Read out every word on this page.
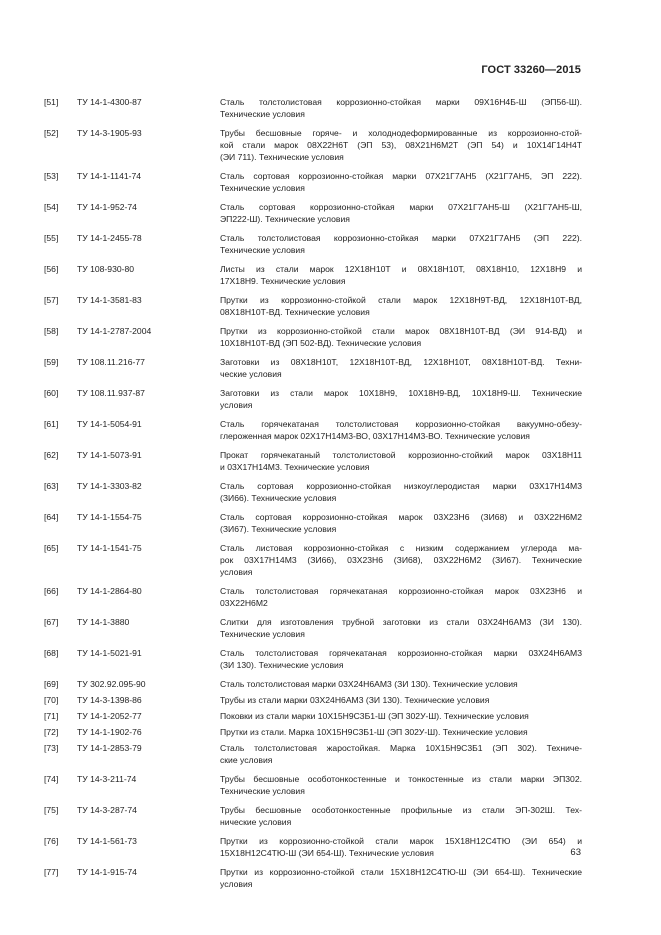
ГОСТ 33260—2015
[51]	ТУ 14-1-4300-87	Сталь толстолистовая коррозионно-стойкая марки 09Х16Н4Б-Ш (ЭП56-Ш).
Технические условия
[52]	ТУ 14-3-1905-93	Трубы бесшовные горяче- и холоднодеформированные из коррозионно-стой-
кой стали марок 08Х22Н6Т (ЭП 53), 08Х21Н6М2Т (ЭП 54) и 10Х14Г14Н4Т
(ЭИ 711). Технические условия
[53]	ТУ 14-1-1141-74	Сталь сортовая коррозионно-стойкая марки 07Х21Г7АН5 (Х21Г7АН5, ЭП 222).
Технические условия
[54]	ТУ 14-1-952-74	Сталь сортовая коррозионно-стойкая марки 07Х21Г7АН5-Ш (Х21Г7АН5-Ш,
ЭП222-Ш). Технические условия
[55]	ТУ 14-1-2455-78	Сталь толстолистовая коррозионно-стойкая марки 07Х21Г7АН5 (ЭП 222).
Технические условия
[56]	ТУ 108-930-80	Листы из стали марок 12Х18Н10Т и 08Х18Н10Т, 08Х18Н10, 12Х18Н9 и
17Х18Н9. Технические условия
[57]	ТУ 14-1-3581-83	Прутки из коррозионно-стойкой стали марок 12Х18Н9Т-ВД, 12Х18Н10Т-ВД,
08Х18Н10Т-ВД. Технические условия
[58]	ТУ 14-1-2787-2004	Прутки из коррозионно-стойкой стали марок 08Х18Н10Т-ВД (ЭИ 914-ВД) и
10Х18Н10Т-ВД (ЭП 502-ВД). Технические условия
[59]	ТУ 108.11.216-77	Заготовки из 08Х18Н10Т, 12Х18Н10Т-ВД, 12Х18Н10Т, 08Х18Н10Т-ВД. Техни-
ческие условия
[60]	ТУ 108.11.937-87	Заготовки из стали марок 10Х18Н9, 10Х18Н9-ВД, 10Х18Н9-Ш. Технические
условия
[61]	ТУ 14-1-5054-91	Сталь горячекатаная толстолистовая коррозионно-стойкая вакуумно-обезу-
глероженная марок 02Х17Н14М3-ВО, 03Х17Н14М3-ВО. Технические условия
[62]	ТУ 14-1-5073-91	Прокат горячекатаный толстолистовой коррозионно-стойкий марок 03Х18Н11
и 03Х17Н14М3. Технические условия
[63]	ТУ 14-1-3303-82	Сталь сортовая коррозионно-стойкая низкоуглеродистая марки 03Х17Н14М3
(ЗИ66). Технические условия
[64]	ТУ 14-1-1554-75	Сталь сортовая коррозионно-стойкая марок 03Х23Н6 (ЗИ68) и 03Х22Н6М2
(ЗИ67). Технические условия
[65]	ТУ 14-1-1541-75	Сталь листовая коррозионно-стойкая с низким содержанием углерода ма-
рок 03Х17Н14М3 (ЗИ66), 03Х23Н6 (ЗИ68), 03Х22Н6М2 (ЗИ67). Технические
условия
[66]	ТУ 14-1-2864-80	Сталь толстолистовая горячекатаная коррозионно-стойкая марок 03Х23Н6 и
03Х22Н6М2
[67]	ТУ 14-1-3880	Слитки для изготовления трубной заготовки из стали 03Х24Н6АМ3 (ЗИ 130).
Технические условия
[68]	ТУ 14-1-5021-91	Сталь толстолистовая горячекатаная коррозионно-стойкая марки 03Х24Н6АМ3
(ЗИ 130). Технические условия
[69]	ТУ 302.92.095-90	Сталь толстолистовая марки 03Х24Н6АМ3 (ЗИ 130). Технические условия
[70]	ТУ 14-3-1398-86	Трубы из стали марки 03Х24Н6АМ3 (ЗИ 130). Технические условия
[71]	ТУ 14-1-2052-77	Поковки из стали марки 10Х15Н9С3Б1-Ш (ЭП 302У-Ш). Технические условия
[72]	ТУ 14-1-1902-76	Прутки из стали. Марка 10Х15Н9С3Б1-Ш (ЭП 302У-Ш). Технические условия
[73]	ТУ 14-1-2853-79	Сталь толстолистовая жаростойкая. Марка 10Х15Н9С3Б1 (ЭП 302). Техниче-
ские условия
[74]	ТУ 14-3-211-74	Трубы бесшовные особотонкостенные и тонкостенные из стали марки ЭП302.
Технические условия
[75]	ТУ 14-3-287-74	Трубы бесшовные особотонкостенные профильные из стали ЭП-302Ш. Тех-
нические условия
[76]	ТУ 14-1-561-73	Прутки из коррозионно-стойкой стали марок 15Х18Н12С4ТЮ (ЭИ 654) и
15Х18Н12С4ТЮ-Ш (ЭИ 654-Ш). Технические условия
[77]	ТУ 14-1-915-74	Прутки из коррозионно-стойкой стали 15Х18Н12С4ТЮ-Ш (ЭИ 654-Ш). Технические
условия
63
